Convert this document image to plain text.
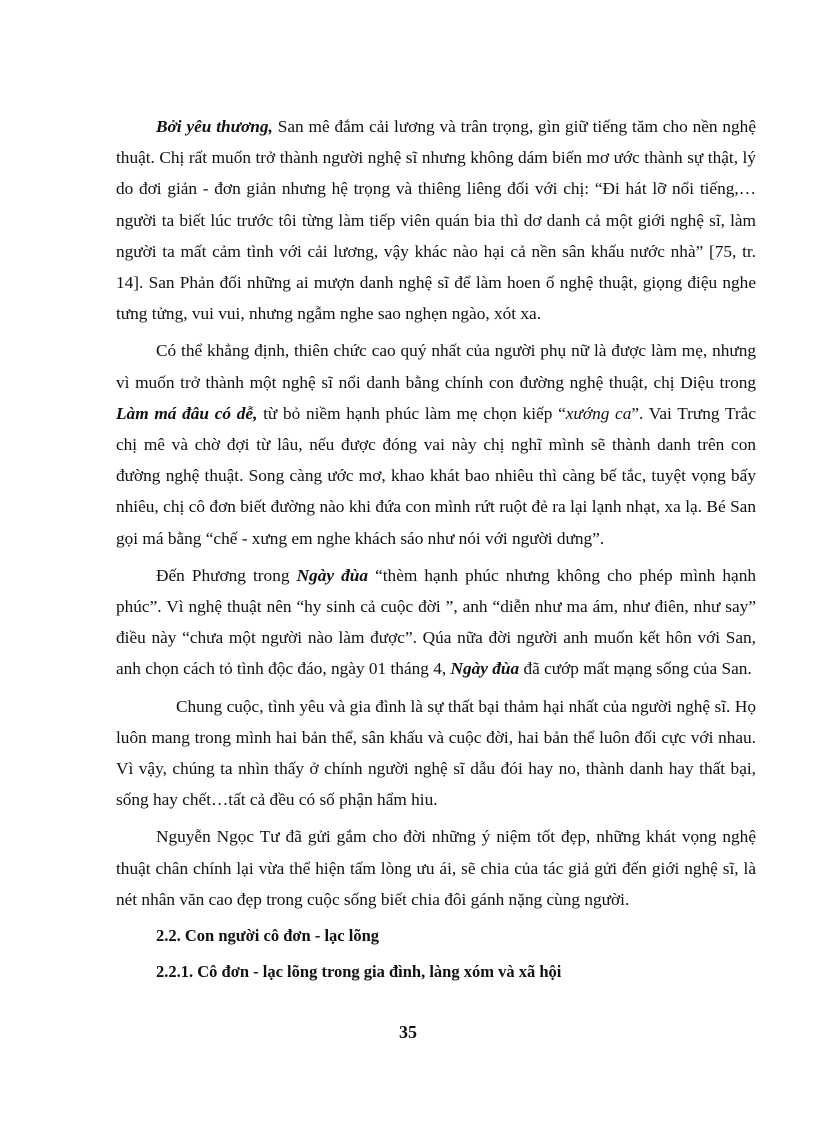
Bởi yêu thương, San mê đắm cải lương và trân trọng, gìn giữ tiếng tăm cho nền nghệ thuật. Chị rất muốn trở thành người nghệ sĩ nhưng không dám biến mơ ước thành sự thật, lý do đơi giản - đơn giản nhưng hệ trọng và thiêng liêng đối với chị: “Đi hát lỡ nổi tiếng,…người ta biết lúc trước tôi từng làm tiếp viên quán bia thì dơ danh cả một giới nghệ sĩ, làm người ta mất cảm tình với cải lương, vậy khác nào hại cả nền sân khấu nước nhà” [75, tr. 14]. San Phản đối những ai mượn danh nghệ sĩ để làm hoen ố nghệ thuật, giọng điệu nghe tưng tửng, vui vui, nhưng ngẫm nghe sao nghẹn ngào, xót xa.

Có thể khẳng định, thiên chức cao quý nhất của người phụ nữ là được làm mẹ, nhưng vì muốn trở thành một nghệ sĩ nổi danh bằng chính con đường nghệ thuật, chị Diệu trong Làm má đâu có dễ, từ bỏ niềm hạnh phúc làm mẹ chọn kiếp “xướng ca”. Vai Trưng Trắc chị mê và chờ đợi từ lâu, nếu được đóng vai này chị nghĩ mình sẽ thành danh trên con đường nghệ thuật. Song càng ước mơ, khao khát bao nhiêu thì càng bế tắc, tuyệt vọng bấy nhiêu, chị cô đơn biết đường nào khi đứa con mình rứt ruột đẻ ra lại lạnh nhạt, xa lạ. Bé San gọi má bằng “chế - xưng em nghe khách sáo như nói với người dưng”.

Đến Phương trong Ngày đùa “thèm hạnh phúc nhưng không cho phép mình hạnh phúc”. Vì nghệ thuật nên “hy sinh cả cuộc đời ”, anh “diễn như ma ám, như điên, như say” điều này “chưa một người nào làm được”. Qúa nữa đời người anh muốn kết hôn với San, anh chọn cách tỏ tình độc đáo, ngày 01 tháng 4, Ngày đùa đã cướp mất mạng sống của San.

Chung cuộc, tình yêu và gia đình là sự thất bại thảm hại nhất của người nghệ sĩ. Họ luôn mang trong mình hai bản thể, sân khấu và cuộc đời, hai bản thể luôn đối cực với nhau. Vì vậy, chúng ta nhìn thấy ở chính người nghệ sĩ dẫu đói hay no, thành danh hay thất bại, sống hay chết…tất cả đều có số phận hẩm hiu.

Nguyễn Ngọc Tư đã gửi gắm cho đời những ý niệm tốt đẹp, những khát vọng nghệ thuật chân chính lại vừa thể hiện tấm lòng ưu ái, sẽ chia của tác giả gửi đến giới nghệ sĩ, là nét nhân văn cao đẹp trong cuộc sống biết chia đôi gánh nặng cùng người.

2.2. Con người cô đơn - lạc lõng

2.2.1. Cô đơn - lạc lõng trong gia đình, làng xóm và xã hội

35
